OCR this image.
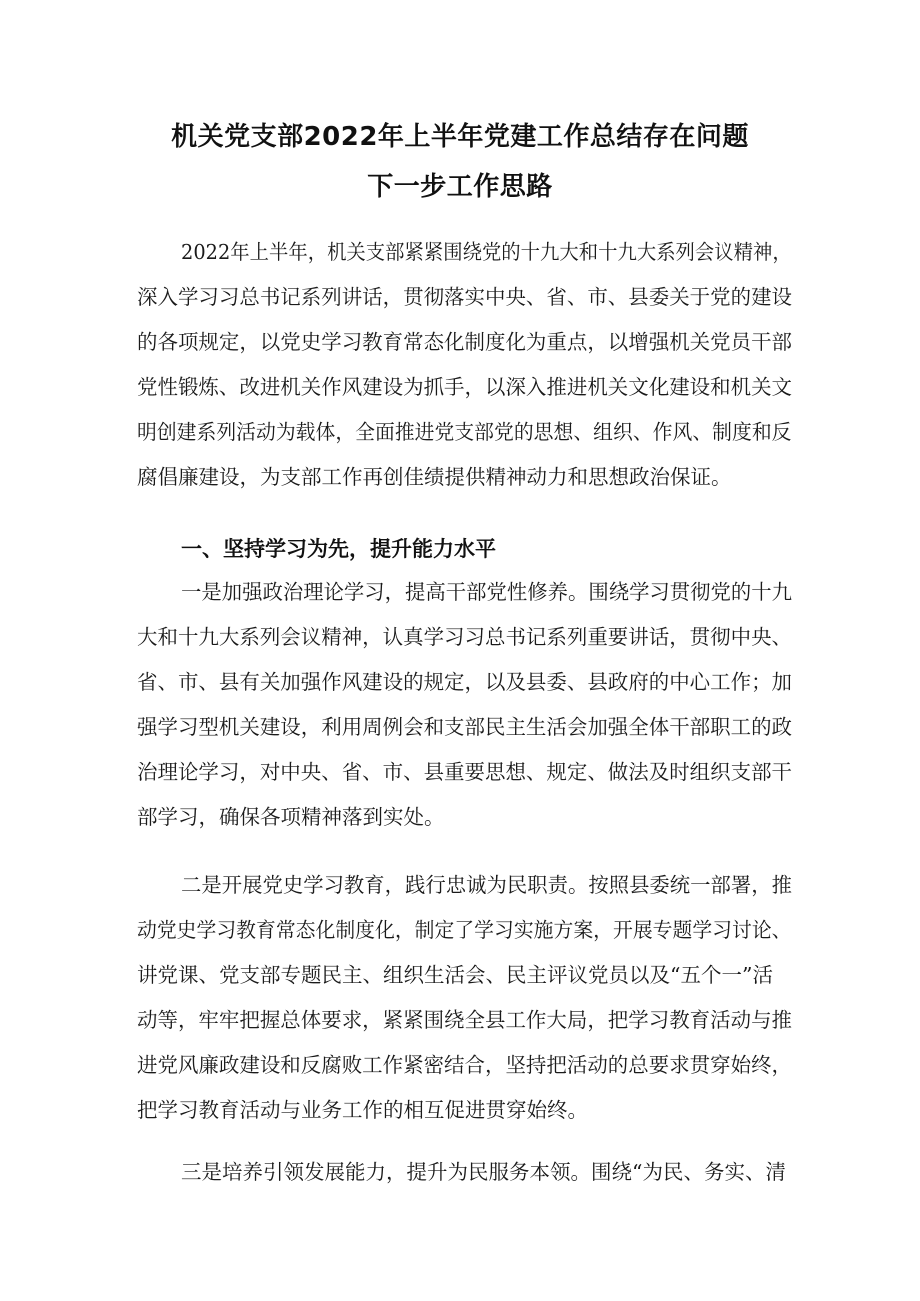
机关党支部2022年上半年党建工作总结存在问题
下一步工作思路
2022年上半年，机关支部紧紧围绕党的十九大和十九大系列会议精神，
深入学习习总书记系列讲话，贯彻落实中央、省、市、县委关于党的建设
的各项规定，以党史学习教育常态化制度化为重点，以增强机关党员干部
党性锻炼、改进机关作风建设为抓手，以深入推进机关文化建设和机关文
明创建系列活动为载体，全面推进党支部党的思想、组织、作风、制度和反
腐倡廉建设，为支部工作再创佳绩提供精神动力和思想政治保证。
一、坚持学习为先，提升能力水平
一是加强政治理论学习，提高干部党性修养。围绕学习贯彻党的十九
大和十九大系列会议精神，认真学习习总书记系列重要讲话，贯彻中央、
省、市、县有关加强作风建设的规定，以及县委、县政府的中心工作；加
强学习型机关建设，利用周例会和支部民主生活会加强全体干部职工的政
治理论学习，对中央、省、市、县重要思想、规定、做法及时组织支部干
部学习，确保各项精神落到实处。
二是开展党史学习教育，践行忠诚为民职责。按照县委统一部署，推
动党史学习教育常态化制度化，制定了学习实施方案，开展专题学习讨论、
讲党课、党支部专题民主、组织生活会、民主评议党员以及“五个一”活
动等，牢牢把握总体要求，紧紧围绕全县工作大局，把学习教育活动与推
进党风廉政建设和反腐败工作紧密结合，坚持把活动的总要求贯穿始终，
把学习教育活动与业务工作的相互促进贯穿始终。
三是培养引领发展能力，提升为民服务本领。围绕“为民、务实、清
